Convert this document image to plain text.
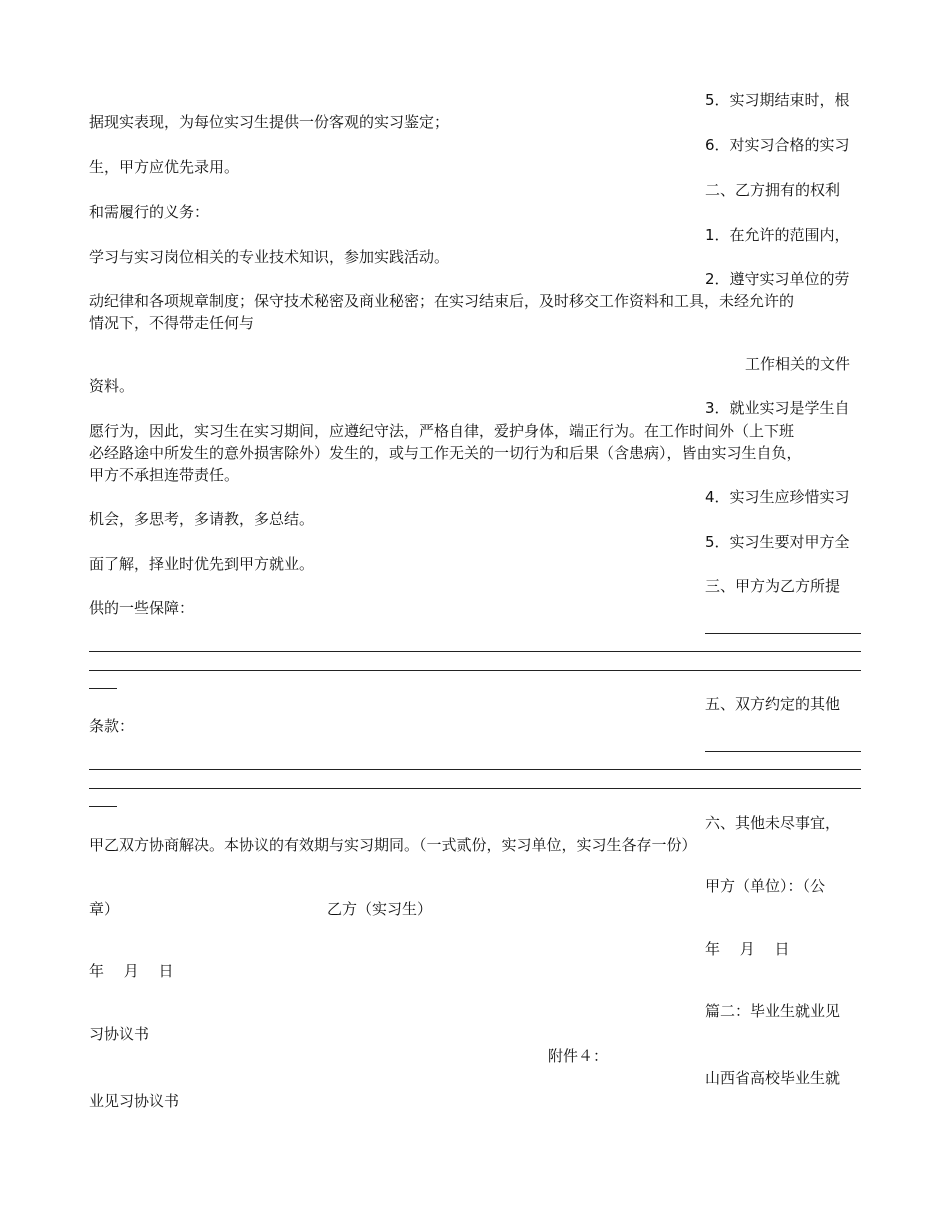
5．实习期结束时，根
据现实表现，为每位实习生提供一份客观的实习鉴定；
6．对实习合格的实习
生，甲方应优先录用。
二、乙方拥有的权利
和需履行的义务：
1．在允许的范围内，
学习与实习岗位相关的专业技术知识，参加实践活动。
2．遵守实习单位的劳
动纪律和各项规章制度；保守技术秘密及商业秘密；在实习结束后，及时移交工作资料和工具，未经允许的
情况下，不得带走任何与
工作相关的文件
资料。
3．就业实习是学生自
愿行为，因此，实习生在实习期间，应遵纪守法，严格自律，爱护身体，端正行为。在工作时间外（上下班
必经路途中所发生的意外损害除外）发生的，或与工作无关的一切行为和后果（含患病），皆由实习生自负，
甲方不承担连带责任。
4．实习生应珍惜实习
机会，多思考，多请教，多总结。
5．实习生要对甲方全
面了解，择业时优先到甲方就业。
三、甲方为乙方所提
供的一些保障：
五、双方约定的其他
条款：
六、其他未尽事宜，
甲乙双方协商解决。本协议的有效期与实习期同。（一式贰份，实习单位，实习生各存一份）
甲方（单位）：（公
章）	乙方（实习生）
年　 月　 日
年　 月　 日
篇二：毕业生就业见
习协议书
附件４：
山西省高校毕业生就
业见习协议书
